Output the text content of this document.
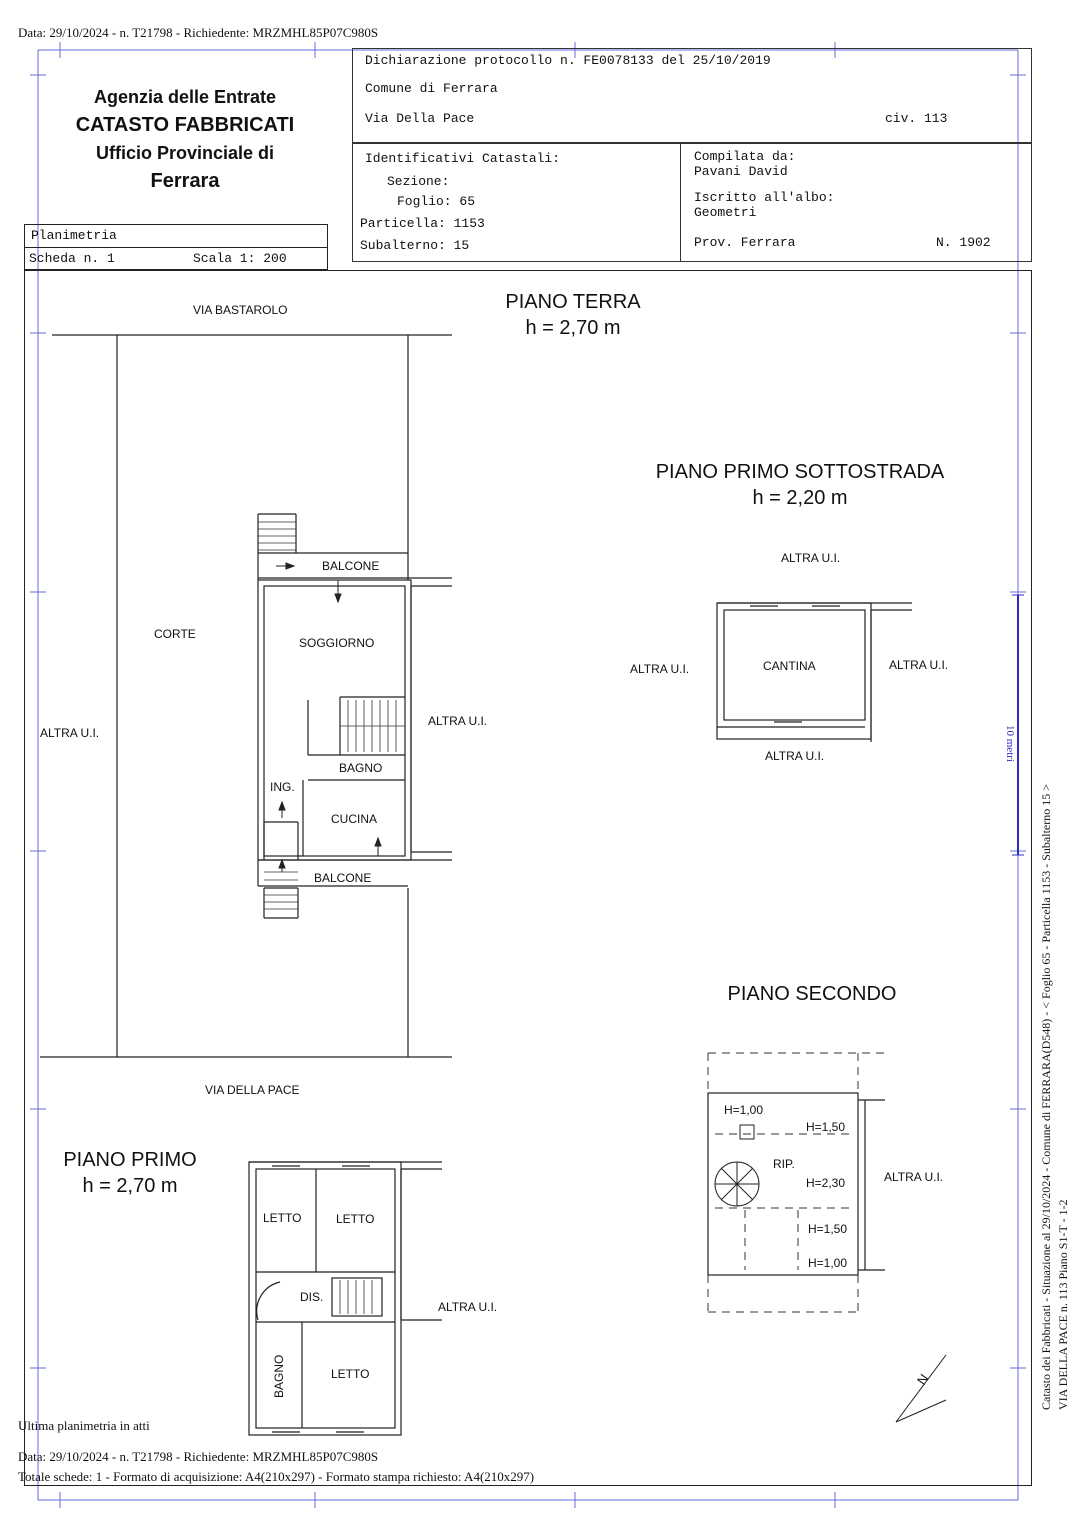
Data: 29/10/2024 - n. T21798 - Richiedente: MRZMHL85P07C980S
10 metri
Agenzia delle Entrate
CATASTO FABBRICATI
Ufficio Provinciale di
Ferrara
Planimetria
Scheda n. 1	Scala 1: 200
Dichiarazione protocollo n. FE0078133 del 25/10/2019
Comune di Ferrara
Via Della Pace	civ. 113
Identificativi Catastali:
Sezione:
Foglio: 65
Particella: 1153
Subalterno: 15
Compilata da:
Pavani David
Iscritto all'albo:
Geometri
Prov. Ferrara	N. 1902
VIA BASTAROLO	PIANO TERRA
h = 2,70 m
PIANO PRIMO SOTTOSTRADA
h = 2,20 m
CORTE
ALTRA U.I.
ALTRA U.I.
BALCONE
SOGGIORNO
BAGNO
ING.
CUCINA
BALCONE
VIA DELLA PACE
ALTRA U.I.
ALTRA U.I.	CANTINA	ALTRA U.I.
ALTRA U.I.
PIANO SECONDO
H=1,00
H=1,50
RIP.
H=2,30
H=1,50
H=1,00
ALTRA U.I.
N
PIANO PRIMO
h = 2,70 m
LETTO	LETTO
DIS.
ALTRA U.I.
LETTO
BAGNO	Catasto dei Fabbricati - Situazione al 29/10/2024 - Comune di FERRARA(D548) - < Foglio 65 - Particella 1153 - Subalterno 15 > VIA DELLA PACE n. 113 Piano S1-T - 1-2
Ultima planimetria in atti
Data: 29/10/2024 - n. T21798 - Richiedente: MRZMHL85P07C980S
Totale schede: 1 - Formato di acquisizione: A4(210x297) - Formato stampa richiesto: A4(210x297)
